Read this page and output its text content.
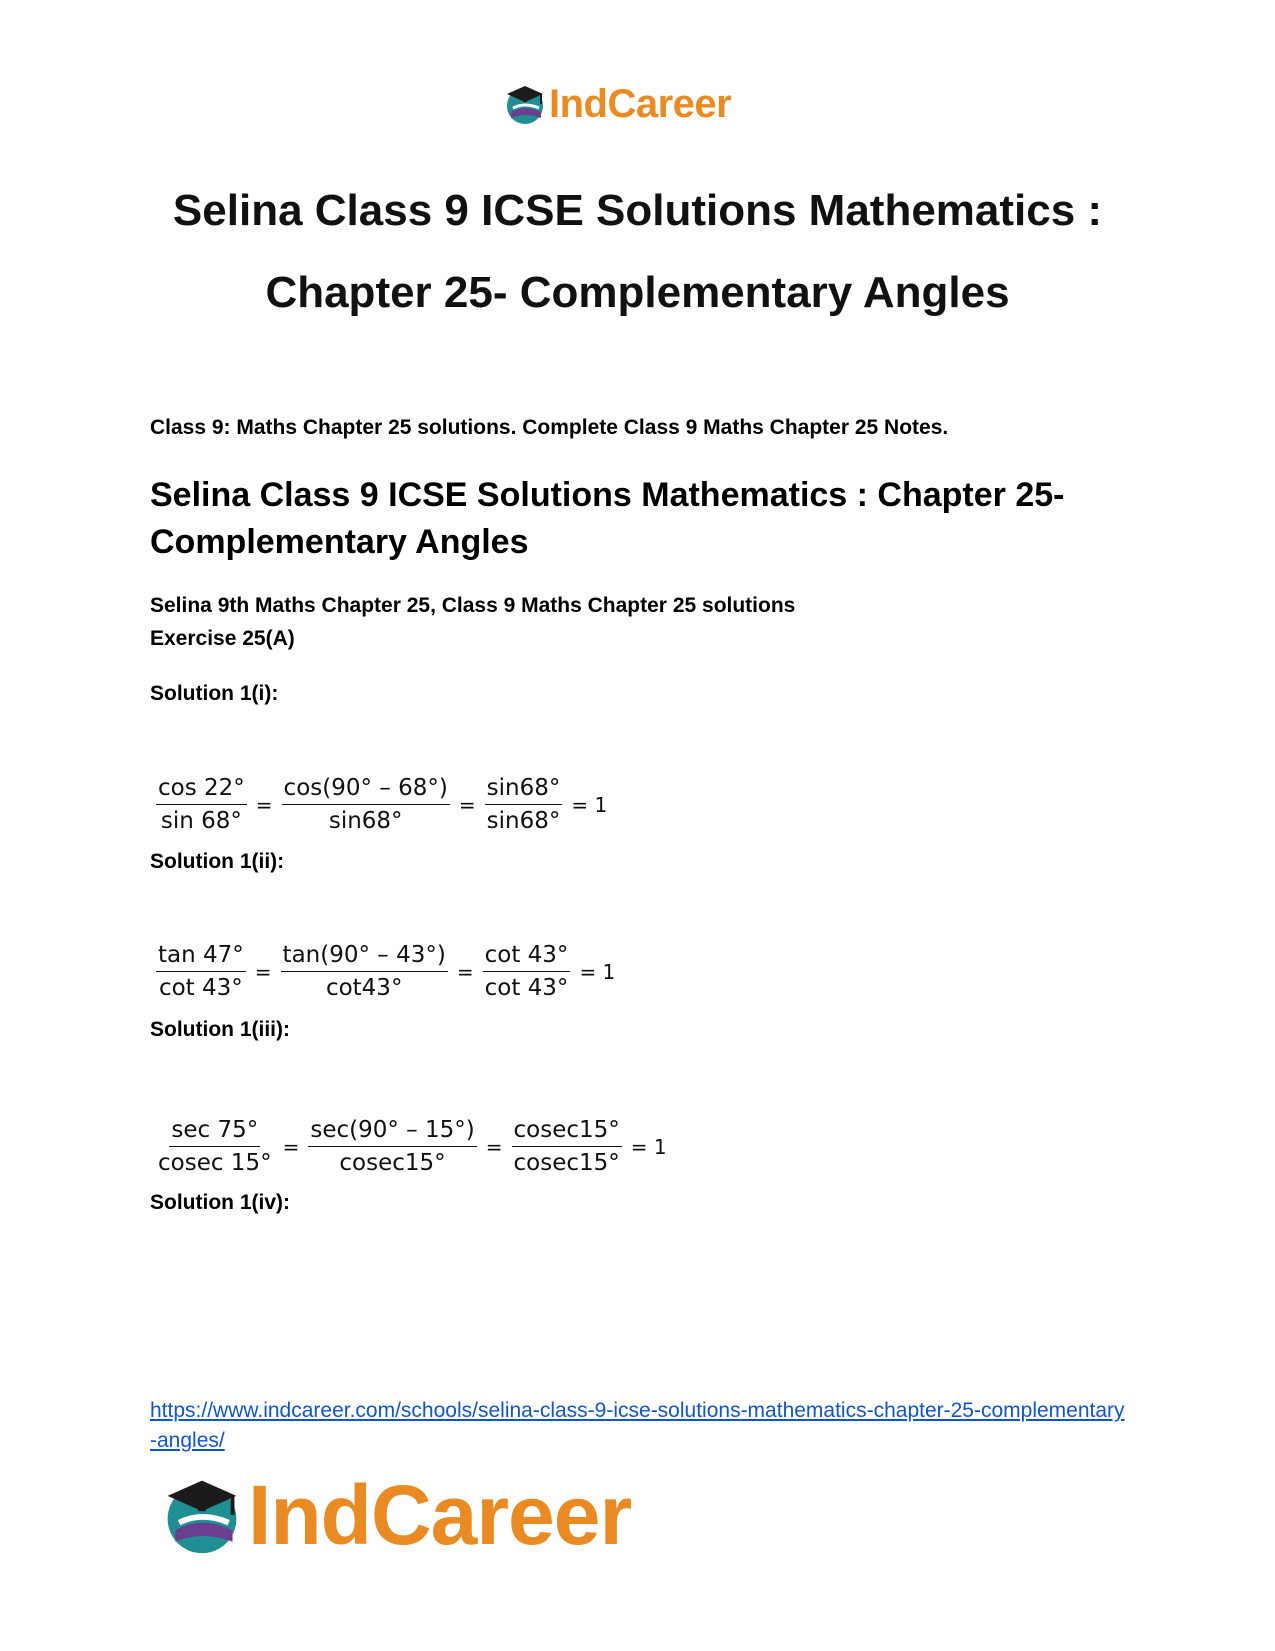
IndCareer
Selina Class 9 ICSE Solutions Mathematics : Chapter 25- Complementary Angles

Class 9: Maths Chapter 25 solutions. Complete Class 9 Maths Chapter 25 Notes.

Selina Class 9 ICSE Solutions Mathematics : Chapter 25- Complementary Angles

Selina 9th Maths Chapter 25, Class 9 Maths Chapter 25 solutions

Exercise 25(A)

Solution 1(i):

$\frac{\cos 22^\circ}{\sin 68^\circ} = \frac{\cos(90^\circ - 68^\circ)}{\sin 68^\circ} = \frac{\sin 68^\circ}{\sin 68^\circ} = 1$

Solution 1(ii):

$\frac{\tan 47^\circ}{\cot 43^\circ} = \frac{\tan(90^\circ - 43^\circ)}{\cot 43^\circ} = \frac{\cot 43^\circ}{\cot 43^\circ} = 1$

Solution 1(iii):

$\frac{\sec 75^\circ}{cosec 15^\circ} = \frac{\sec(90^\circ - 15^\circ)}{cosec15^\circ} = \frac{cosec15^\circ}{cosec15^\circ} = 1$

Solution 1(iv):

https://www.indcareer.com/schools/selina-class-9-icse-solutions-mathematics-chapter-25-complementary-angles/
IndCareer
